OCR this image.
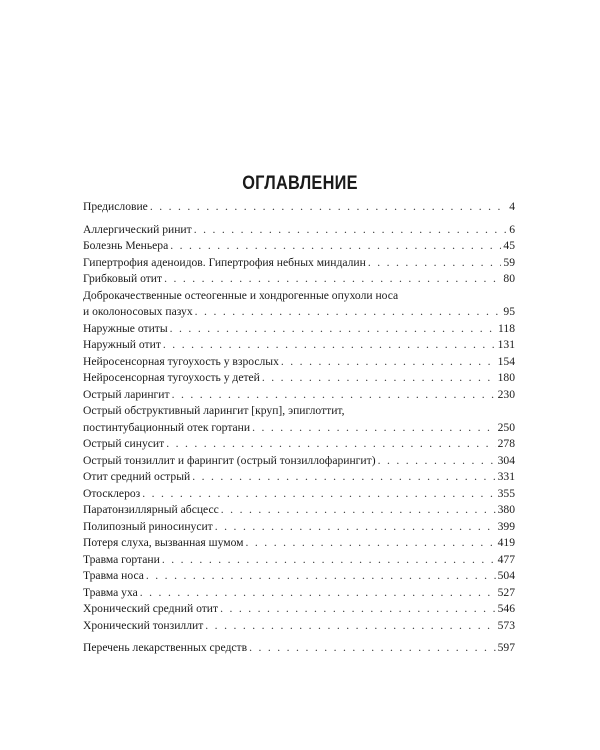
ОГЛАВЛЕНИЕ
Предисловие . . .	4
Аллергический ринит . . .	6
Болезнь Меньера . . .	45
Гипертрофия аденоидов. Гипертрофия небных миндалин . . .	59
Грибковый отит . . .	80
Доброкачественные остеогенные и хондрогенные опухоли носа
и околоносовых пазух . . .	95
Наружные отиты . . .	118
Наружный отит . . .	131
Нейросенсорная тугоухость у взрослых . . .	154
Нейросенсорная тугоухость у детей . . .	180
Острый ларингит . . .	230
Острый обструктивный ларингит [круп], эпиглоттит,
постинтубационный отек гортани . . .	250
Острый синусит . . .	278
Острый тонзиллит и фарингит (острый тонзиллофарингит) . . .	304
Отит средний острый . . .	331
Отосклероз . . .	355
Паратонзиллярный абсцесс . . .	380
Полипозный риносинусит . . .	399
Потеря слуха, вызванная шумом . . .	419
Травма гортани . . .	477
Травма носа . . .	504
Травма уха . . .	527
Хронический средний отит . . .	546
Хронический тонзиллит . . .	573
Перечень лекарственных средств . . .	597
